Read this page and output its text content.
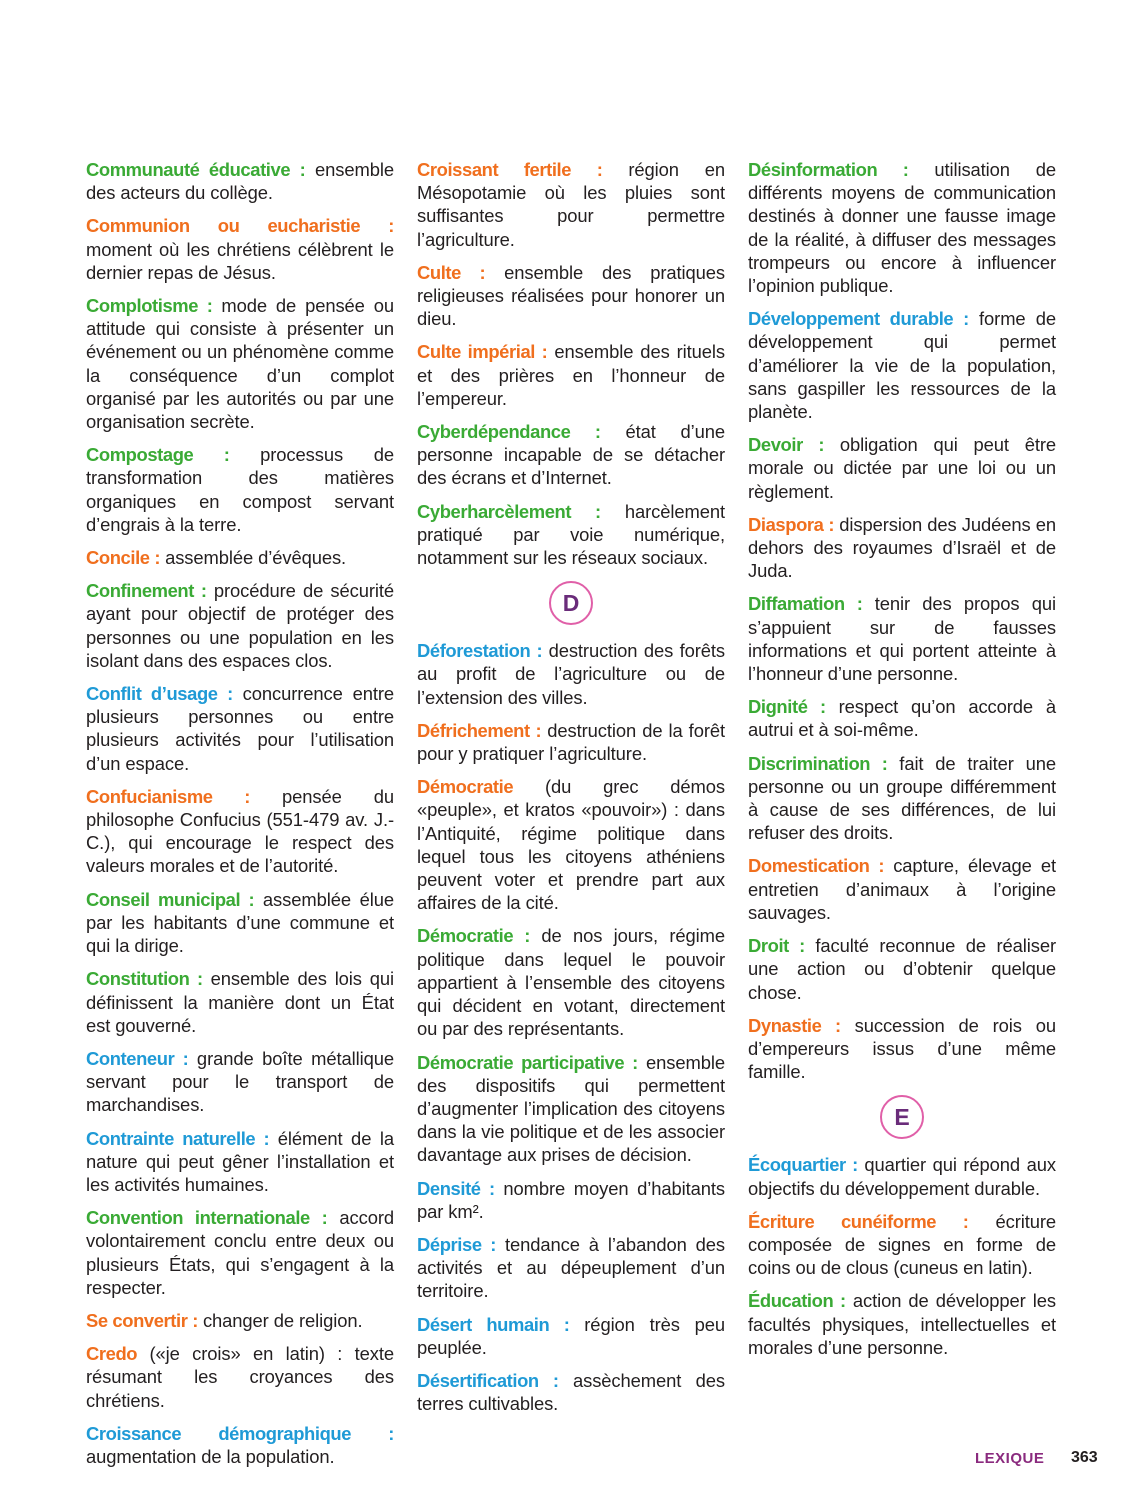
Communauté éducative : ensemble des acteurs du collège.

Communion ou eucharistie : moment où les chrétiens célèbrent le dernier repas de Jésus.

Complotisme : mode de pensée ou attitude qui consiste à présenter un événement ou un phénomène comme la conséquence d’un complot organisé par les autorités ou par une organisation secrète.

Compostage : processus de transformation des matières organiques en compost servant d’engrais à la terre.

Concile : assemblée d’évêques.

Confinement : procédure de sécurité ayant pour objectif de protéger des personnes ou une population en les isolant dans des espaces clos.

Conflit d’usage : concurrence entre plusieurs personnes ou entre plusieurs activités pour l’utilisation d’un espace.

Confucianisme : pensée du philosophe Confucius (551-479 av. J.-C.), qui encourage le respect des valeurs morales et de l’autorité.

Conseil municipal : assemblée élue par les habitants d’une commune et qui la dirige.

Constitution : ensemble des lois qui définissent la manière dont un État est gouverné.

Conteneur : grande boîte métallique servant pour le transport de marchandises.

Contrainte naturelle : élément de la nature qui peut gêner l’installation et les activités humaines.

Convention internationale : accord volontairement conclu entre deux ou plusieurs États, qui s’engagent à la respecter.

Se convertir : changer de religion.

Credo («je crois» en latin) : texte résumant les croyances des chrétiens.

Croissance démographique : augmentation de la population.

Croissant fertile : région en Mésopotamie où les pluies sont suffisantes pour permettre l’agriculture.

Culte : ensemble des pratiques religieuses réalisées pour honorer un dieu.

Culte impérial : ensemble des rituels et des prières en l’honneur de l’empereur.

Cyberdépendance : état d’une personne incapable de se détacher des écrans et d’Internet.

Cyberharcèlement : harcèlement pratiqué par voie numérique, notamment sur les réseaux sociaux.

D

Déforestation : destruction des forêts au profit de l’agriculture ou de l’extension des villes.

Défrichement : destruction de la forêt pour y pratiquer l’agriculture.

Démocratie (du grec démos «peuple», et kratos «pouvoir») : dans l’Antiquité, régime politique dans lequel tous les citoyens athéniens peuvent voter et prendre part aux affaires de la cité.

Démocratie : de nos jours, régime politique dans lequel le pouvoir appartient à l’ensemble des citoyens qui décident en votant, directement ou par des représentants.

Démocratie participative : ensemble des dispositifs qui permettent d’augmenter l’implication des citoyens dans la vie politique et de les associer davantage aux prises de décision.

Densité : nombre moyen d’habitants par km².

Déprise : tendance à l’abandon des activités et au dépeuplement d’un territoire.

Désert humain : région très peu peuplée.

Désertification : assèchement des terres cultivables.

Désinformation : utilisation de différents moyens de communication destinés à donner une fausse image de la réalité, à diffuser des messages trompeurs ou encore à influencer l’opinion publique.

Développement durable : forme de développement qui permet d’améliorer la vie de la population, sans gaspiller les ressources de la planète.

Devoir : obligation qui peut être morale ou dictée par une loi ou un règlement.

Diaspora : dispersion des Judéens en dehors des royaumes d’Israël et de Juda.

Diffamation : tenir des propos qui s’appuient sur de fausses informations et qui portent atteinte à l’honneur d’une personne.

Dignité : respect qu’on accorde à autrui et à soi-même.

Discrimination : fait de traiter une personne ou un groupe différemment à cause de ses différences, de lui refuser des droits.

Domestication : capture, élevage et entretien d’animaux à l’origine sauvages.

Droit : faculté reconnue de réaliser une action ou d’obtenir quelque chose.

Dynastie : succession de rois ou d’empereurs issus d’une même famille.

E

Écoquartier : quartier qui répond aux objectifs du développement durable.

Écriture cunéiforme : écriture composée de signes en forme de coins ou de clous (cuneus en latin).

Éducation : action de développer les facultés physiques, intellectuelles et morales d’une personne.

LEXIQUE 363
